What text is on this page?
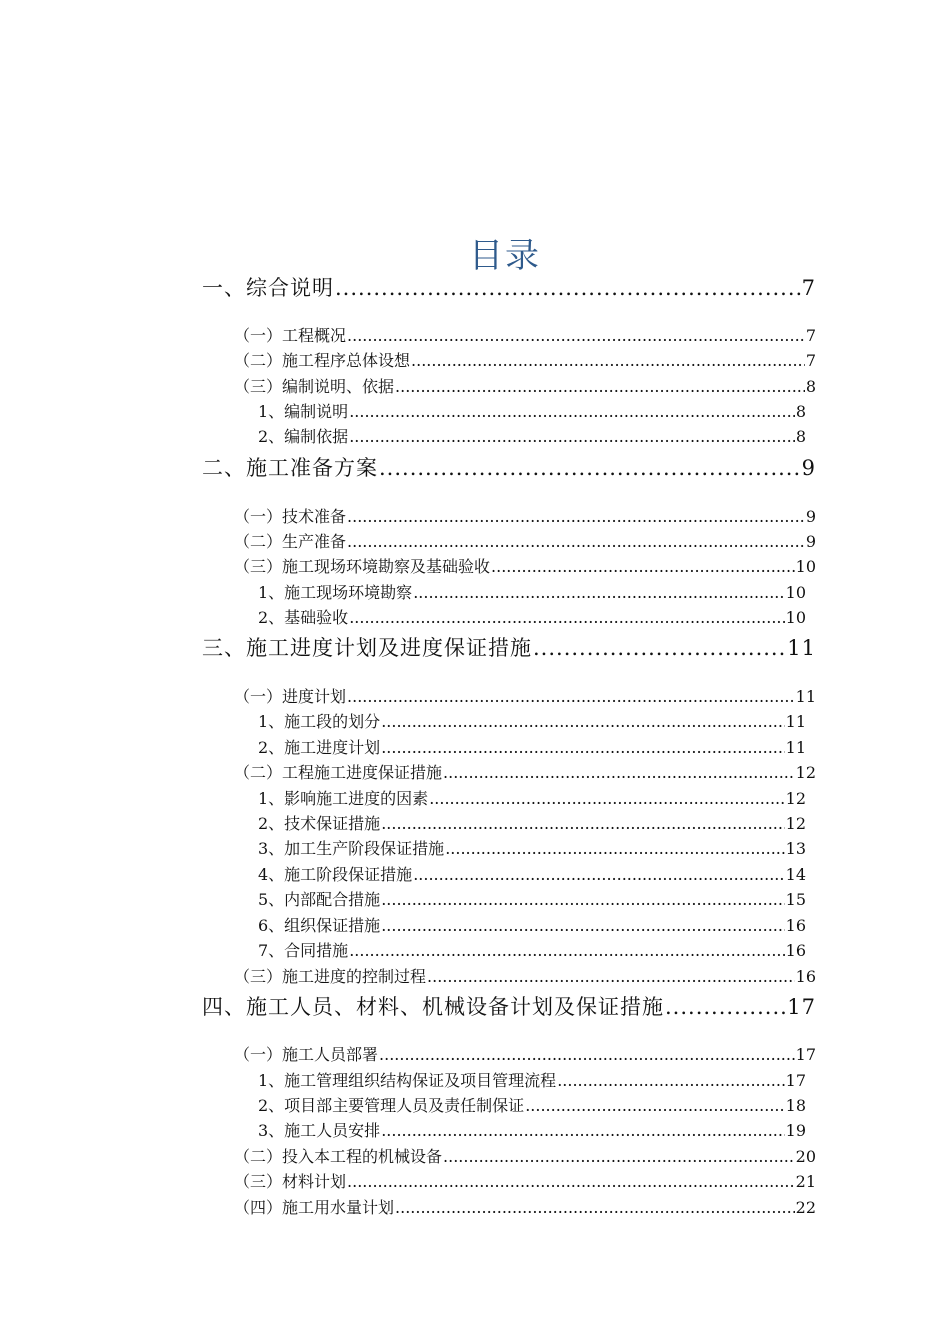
目录
一、综合说明 .....	7
（一）工程概况 .....	7
（二）施工程序总体设想 .....	7
（三）编制说明、依据 .....	8
1、编制说明 .....	8
2、编制依据 .....	8
二、施工准备方案 .....	9
（一）技术准备 .....	9
（二）生产准备 .....	9
（三）施工现场环境勘察及基础验收 .....	10
1、施工现场环境勘察 .....	10
2、基础验收 .....	10
三、施工进度计划及进度保证措施 .....	11
（一）进度计划 .....	11
1、施工段的划分 .....	11
2、施工进度计划 .....	11
（二）工程施工进度保证措施 .....	12
1、影响施工进度的因素 .....	12
2、技术保证措施 .....	12
3、加工生产阶段保证措施 .....	13
4、施工阶段保证措施 .....	14
5、内部配合措施 .....	15
6、组织保证措施 .....	16
7、合同措施 .....	16
（三）施工进度的控制过程 .....	16
四、施工人员、材料、机械设备计划及保证措施 .....	17
（一）施工人员部署 .....	17
1、施工管理组织结构保证及项目管理流程 .....	17
2、项目部主要管理人员及责任制保证 .....	18
3、施工人员安排 .....	19
（二）投入本工程的机械设备 .....	20
（三）材料计划 .....	21
（四）施工用水量计划 .....	22
